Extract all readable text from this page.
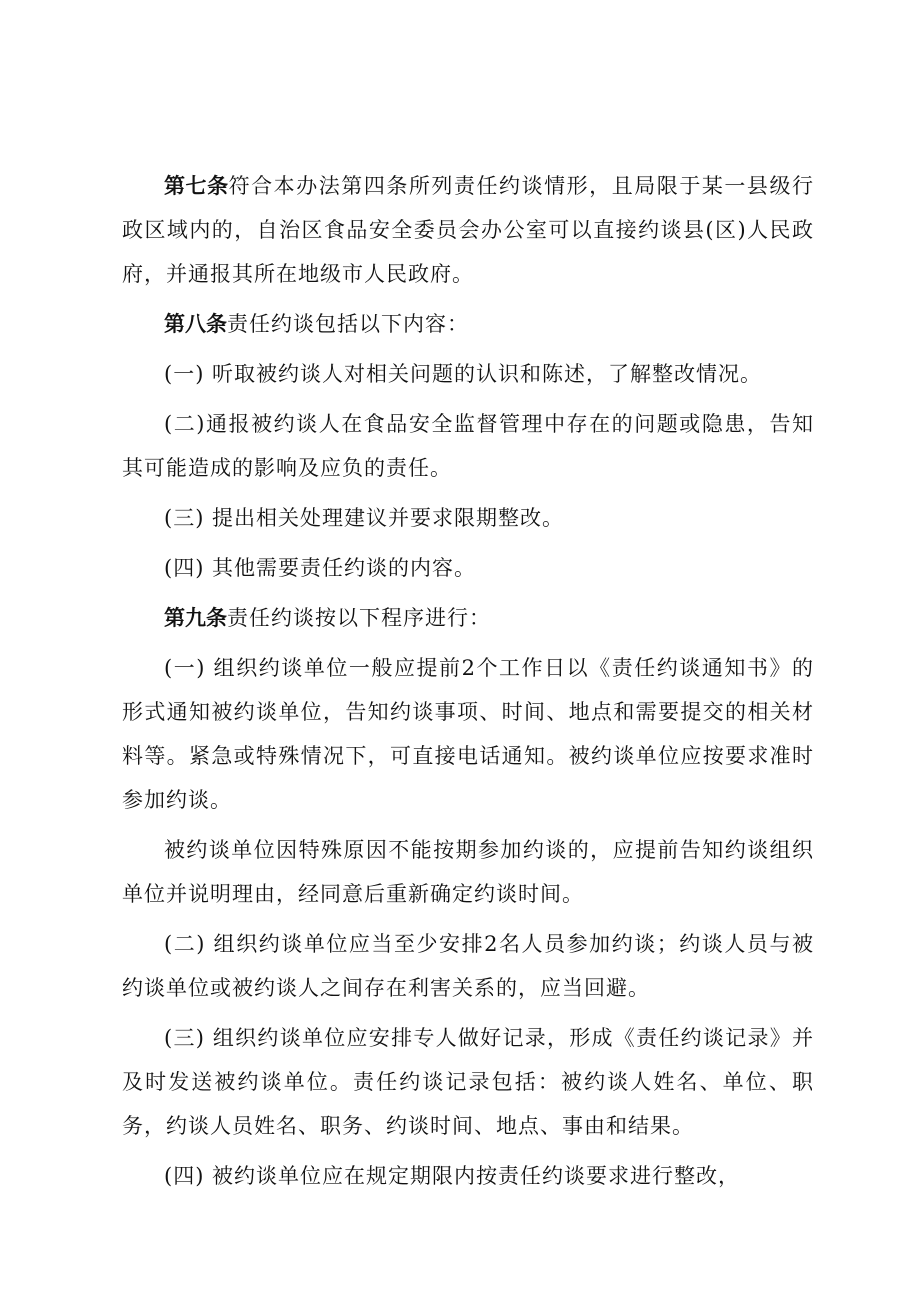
第七条符合本办法第四条所列责任约谈情形，且局限于某一县级行政区域内的，自治区食品安全委员会办公室可以直接约谈县(区)人民政府，并通报其所在地级市人民政府。

第八条责任约谈包括以下内容：

(一) 听取被约谈人对相关问题的认识和陈述，了解整改情况。

(二)通报被约谈人在食品安全监督管理中存在的问题或隐患，告知其可能造成的影响及应负的责任。

(三) 提出相关处理建议并要求限期整改。

(四) 其他需要责任约谈的内容。

第九条责任约谈按以下程序进行：

(一) 组织约谈单位一般应提前2个工作日以《责任约谈通知书》的形式通知被约谈单位，告知约谈事项、时间、地点和需要提交的相关材料等。紧急或特殊情况下，可直接电话通知。被约谈单位应按要求准时参加约谈。

被约谈单位因特殊原因不能按期参加约谈的，应提前告知约谈组织单位并说明理由，经同意后重新确定约谈时间。

(二) 组织约谈单位应当至少安排2名人员参加约谈；约谈人员与被约谈单位或被约谈人之间存在利害关系的，应当回避。

(三) 组织约谈单位应安排专人做好记录，形成《责任约谈记录》并及时发送被约谈单位。责任约谈记录包括：被约谈人姓名、单位、职务，约谈人员姓名、职务、约谈时间、地点、事由和结果。

(四) 被约谈单位应在规定期限内按责任约谈要求进行整改，
